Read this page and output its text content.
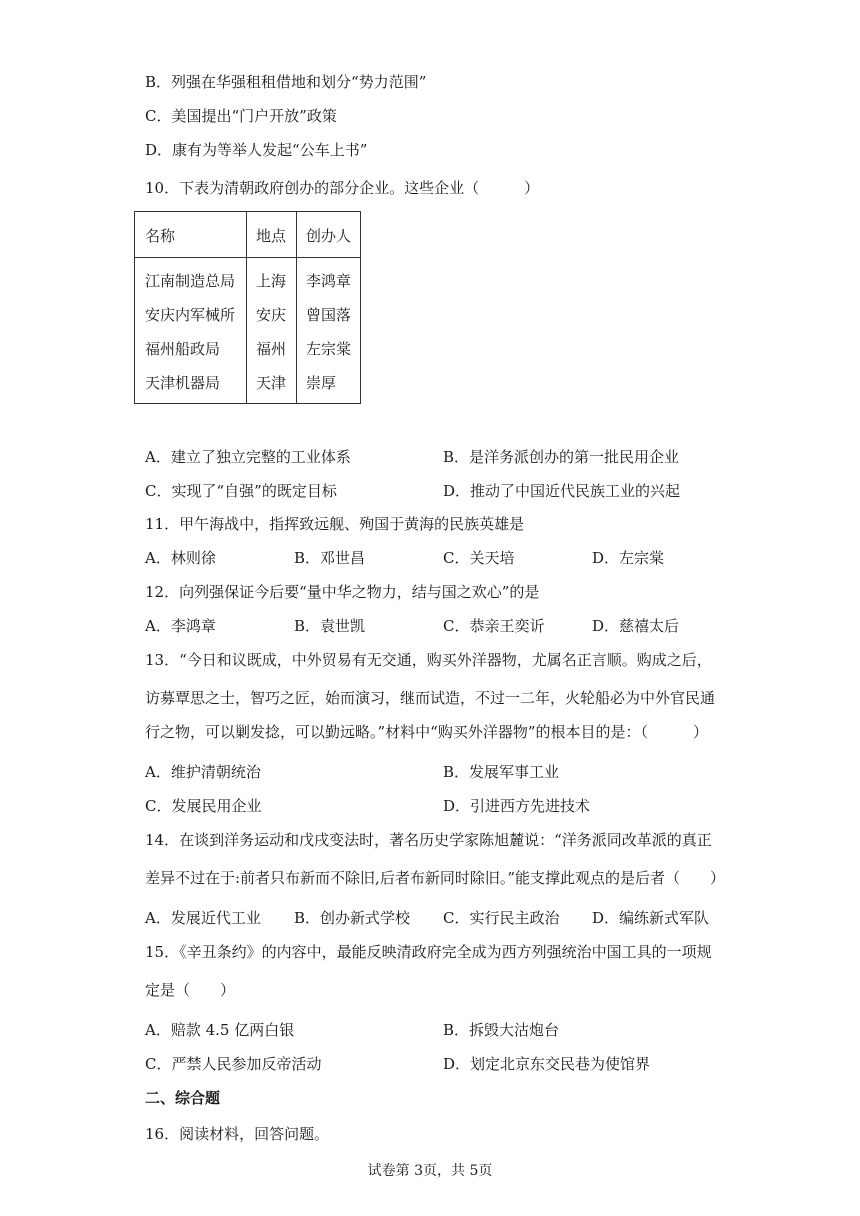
B．列强在华强租租借地和划分“势力范围”
C．美国提出“门户开放”政策
D．康有为等举人发起“公车上书”
10．下表为清朝政府创办的部分企业。这些企业（　　　）
名称	地点 创办人
江南制造总局 上海 李鸿章
安庆内军械所 安庆 曾国落
福州船政局 福州 左宗棠
天津机器局 天津 崇厚
A．建立了独立完整的工业体系	B．是洋务派创办的第一批民用企业
C．实现了“自强”的既定目标	D．推动了中国近代民族工业的兴起
11．甲午海战中，指挥致远舰、殉国于黄海的民族英雄是
A．林则徐	B．邓世昌	C．关天培	D．左宗棠
12．向列强保证今后要“量中华之物力，结与国之欢心”的是
A．李鸿章	B．袁世凯	C．恭亲王奕䜣	D．慈禧太后
13．“今日和议既成，中外贸易有无交通，购买外洋器物，尤属名正言顺。购成之后，
访募覃思之士，智巧之匠，始而演习，继而试造，不过一二年，火轮船必为中外官民通
行之物，可以剿发捻，可以勤远略。”材料中“购买外洋器物”的根本目的是：（　　　）
A．维护清朝统治	B．发展军事工业
C．发展民用企业	D．引进西方先进技术
14．在谈到洋务运动和戊戌变法时，著名历史学家陈旭麓说：“洋务派同改革派的真正
差异不过在于:前者只布新而不除旧,后者布新同时除旧。”能支撑此观点的是后者（　　）
A．发展近代工业 B．创办新式学校 C．实行民主政治 D．编练新式军队
15．《辛丑条约》的内容中，最能反映清政府完全成为西方列强统治中国工具的一项规
定是（　　）
A．赔款 4.5 亿两白银	B．拆毁大沽炮台
C．严禁人民参加反帝活动	D．划定北京东交民巷为使馆界
二、综合题
16．阅读材料，回答问题。
试卷第 3页，共 5页
